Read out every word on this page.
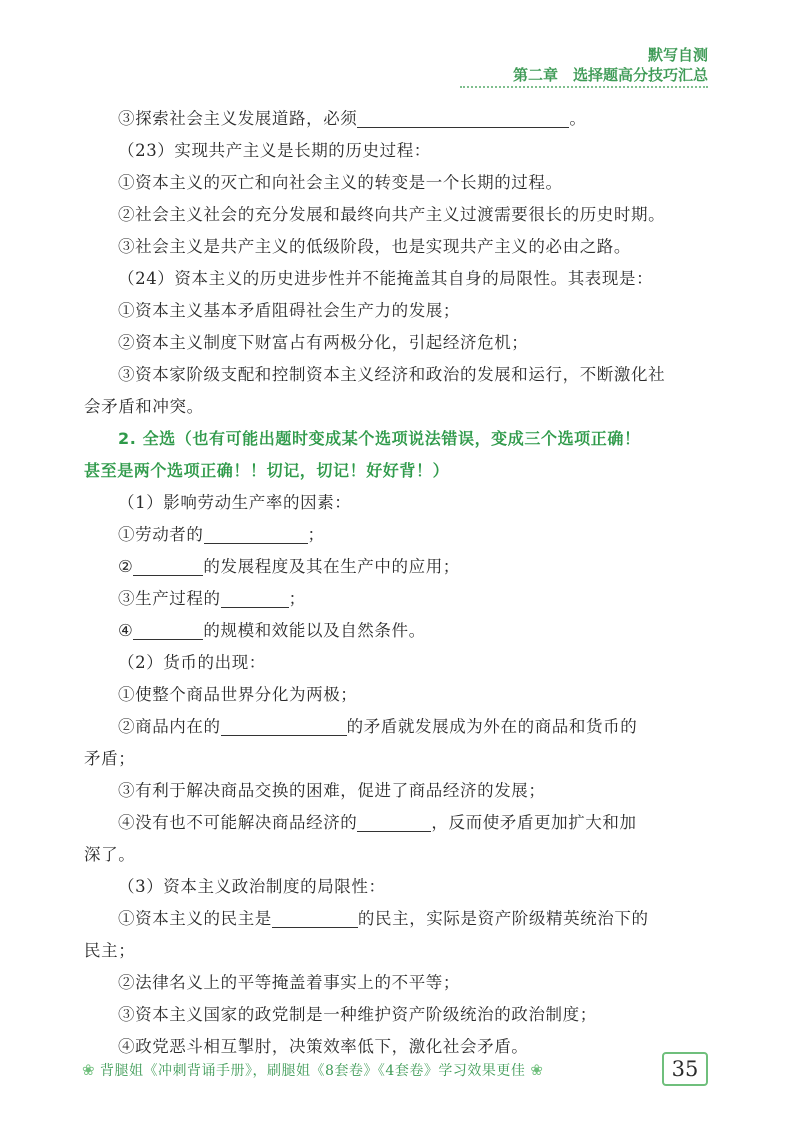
默写自测
第二章　选择题高分技巧汇总

③探索社会主义发展道路，必须	。

（23）实现共产主义是长期的历史过程：

①资本主义的灭亡和向社会主义的转变是一个长期的过程。

②社会主义社会的充分发展和最终向共产主义过渡需要很长的历史时期。

③社会主义是共产主义的低级阶段，也是实现共产主义的必由之路。

（24）资本主义的历史进步性并不能掩盖其自身的局限性。其表现是：

①资本主义基本矛盾阻碍社会生产力的发展；

②资本主义制度下财富占有两极分化，引起经济危机；

③资本家阶级支配和控制资本主义经济和政治的发展和运行，不断激化社

会矛盾和冲突。

2. 全选（也有可能出题时变成某个选项说法错误，变成三个选项正确！

甚至是两个选项正确！！切记，切记！好好背！）

（1）影响劳动生产率的因素：

①劳动者的	；

②	的发展程度及其在生产中的应用；

③生产过程的	；

④	的规模和效能以及自然条件。

（2）货币的出现：

①使整个商品世界分化为两极；

②商品内在的	的矛盾就发展成为外在的商品和货币的

矛盾；

③有利于解决商品交换的困难，促进了商品经济的发展；

④没有也不可能解决商品经济的	，反而使矛盾更加扩大和加

深了。

（3）资本主义政治制度的局限性：

①资本主义的民主是	的民主，实际是资产阶级精英统治下的

民主；

②法律名义上的平等掩盖着事实上的不平等；

③资本主义国家的政党制是一种维护资产阶级统治的政治制度；

④政党恶斗相互掣肘，决策效率低下，激化社会矛盾。

❀ 背腿姐《冲刺背诵手册》，刷腿姐《8套卷》《4套卷》学习效果更佳 ❀	35
